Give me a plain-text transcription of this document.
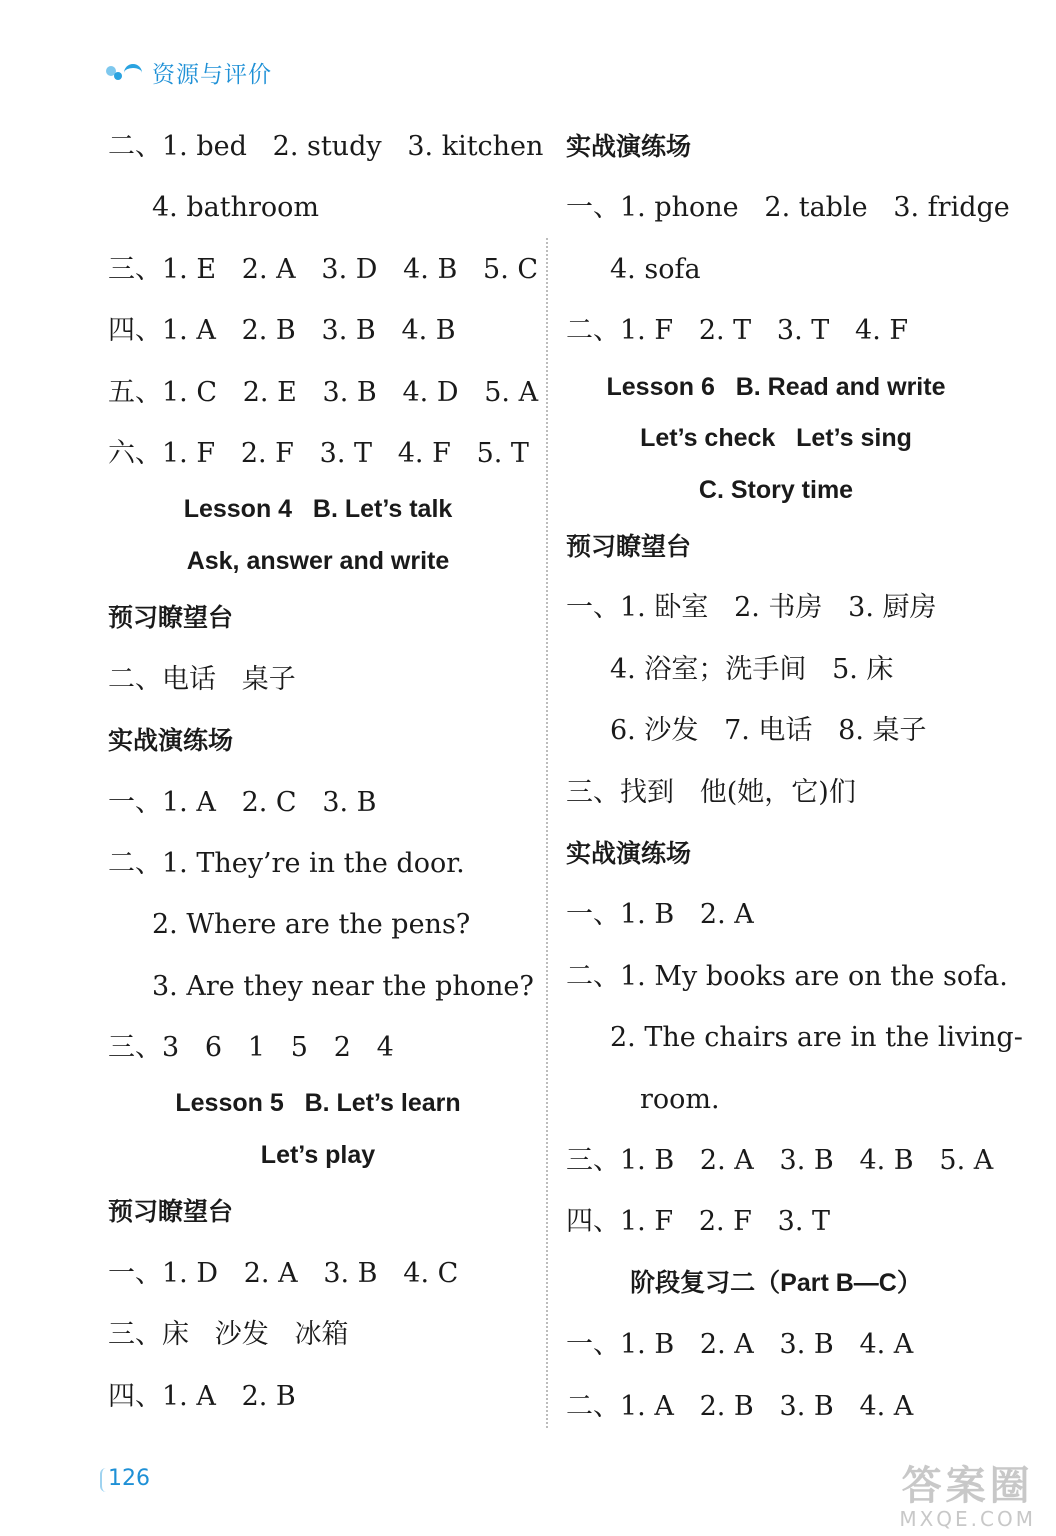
资源与评价
二、1. bed   2. study   3. kitchen
4. bathroom
三、1. E   2. A   3. D   4. B   5. C
四、1. A   2. B   3. B   4. B
五、1. C   2. E   3. B   4. D   5. A
六、1. F   2. F   3. T   4. F   5. T
Lesson 4   B. Let’s talk
Ask, answer and write
预习瞭望台
二、电话   桌子
实战演练场
一、1. A   2. C   3. B
二、1. They’re in the door.
2. Where are the pens?
3. Are they near the phone?
三、3   6   1   5   2   4
Lesson 5   B. Let’s learn
Let’s play
预习瞭望台
一、1. D   2. A   3. B   4. C
三、床   沙发   冰箱
四、1. A   2. B
实战演练场
一、1. phone   2. table   3. fridge
4. sofa
二、1. F   2. T   3. T   4. F
Lesson 6   B. Read and write
Let’s check   Let’s sing
C. Story time
预习瞭望台
一、1. 卧室   2. 书房   3. 厨房
4. 浴室；洗手间   5. 床
6. 沙发   7. 电话   8. 桌子
三、找到   他(她，它)们
实战演练场
一、1. B   2. A
二、1. My books are on the sofa.
2. The chairs are in the living-
room.
三、1. B   2. A   3. B   4. B   5. A
四、1. F   2. F   3. T
阶段复习二（Part B—C）
一、1. B   2. A   3. B   4. A
二、1. A   2. B   3. B   4. A
126	答案圈
MXQE.COM
